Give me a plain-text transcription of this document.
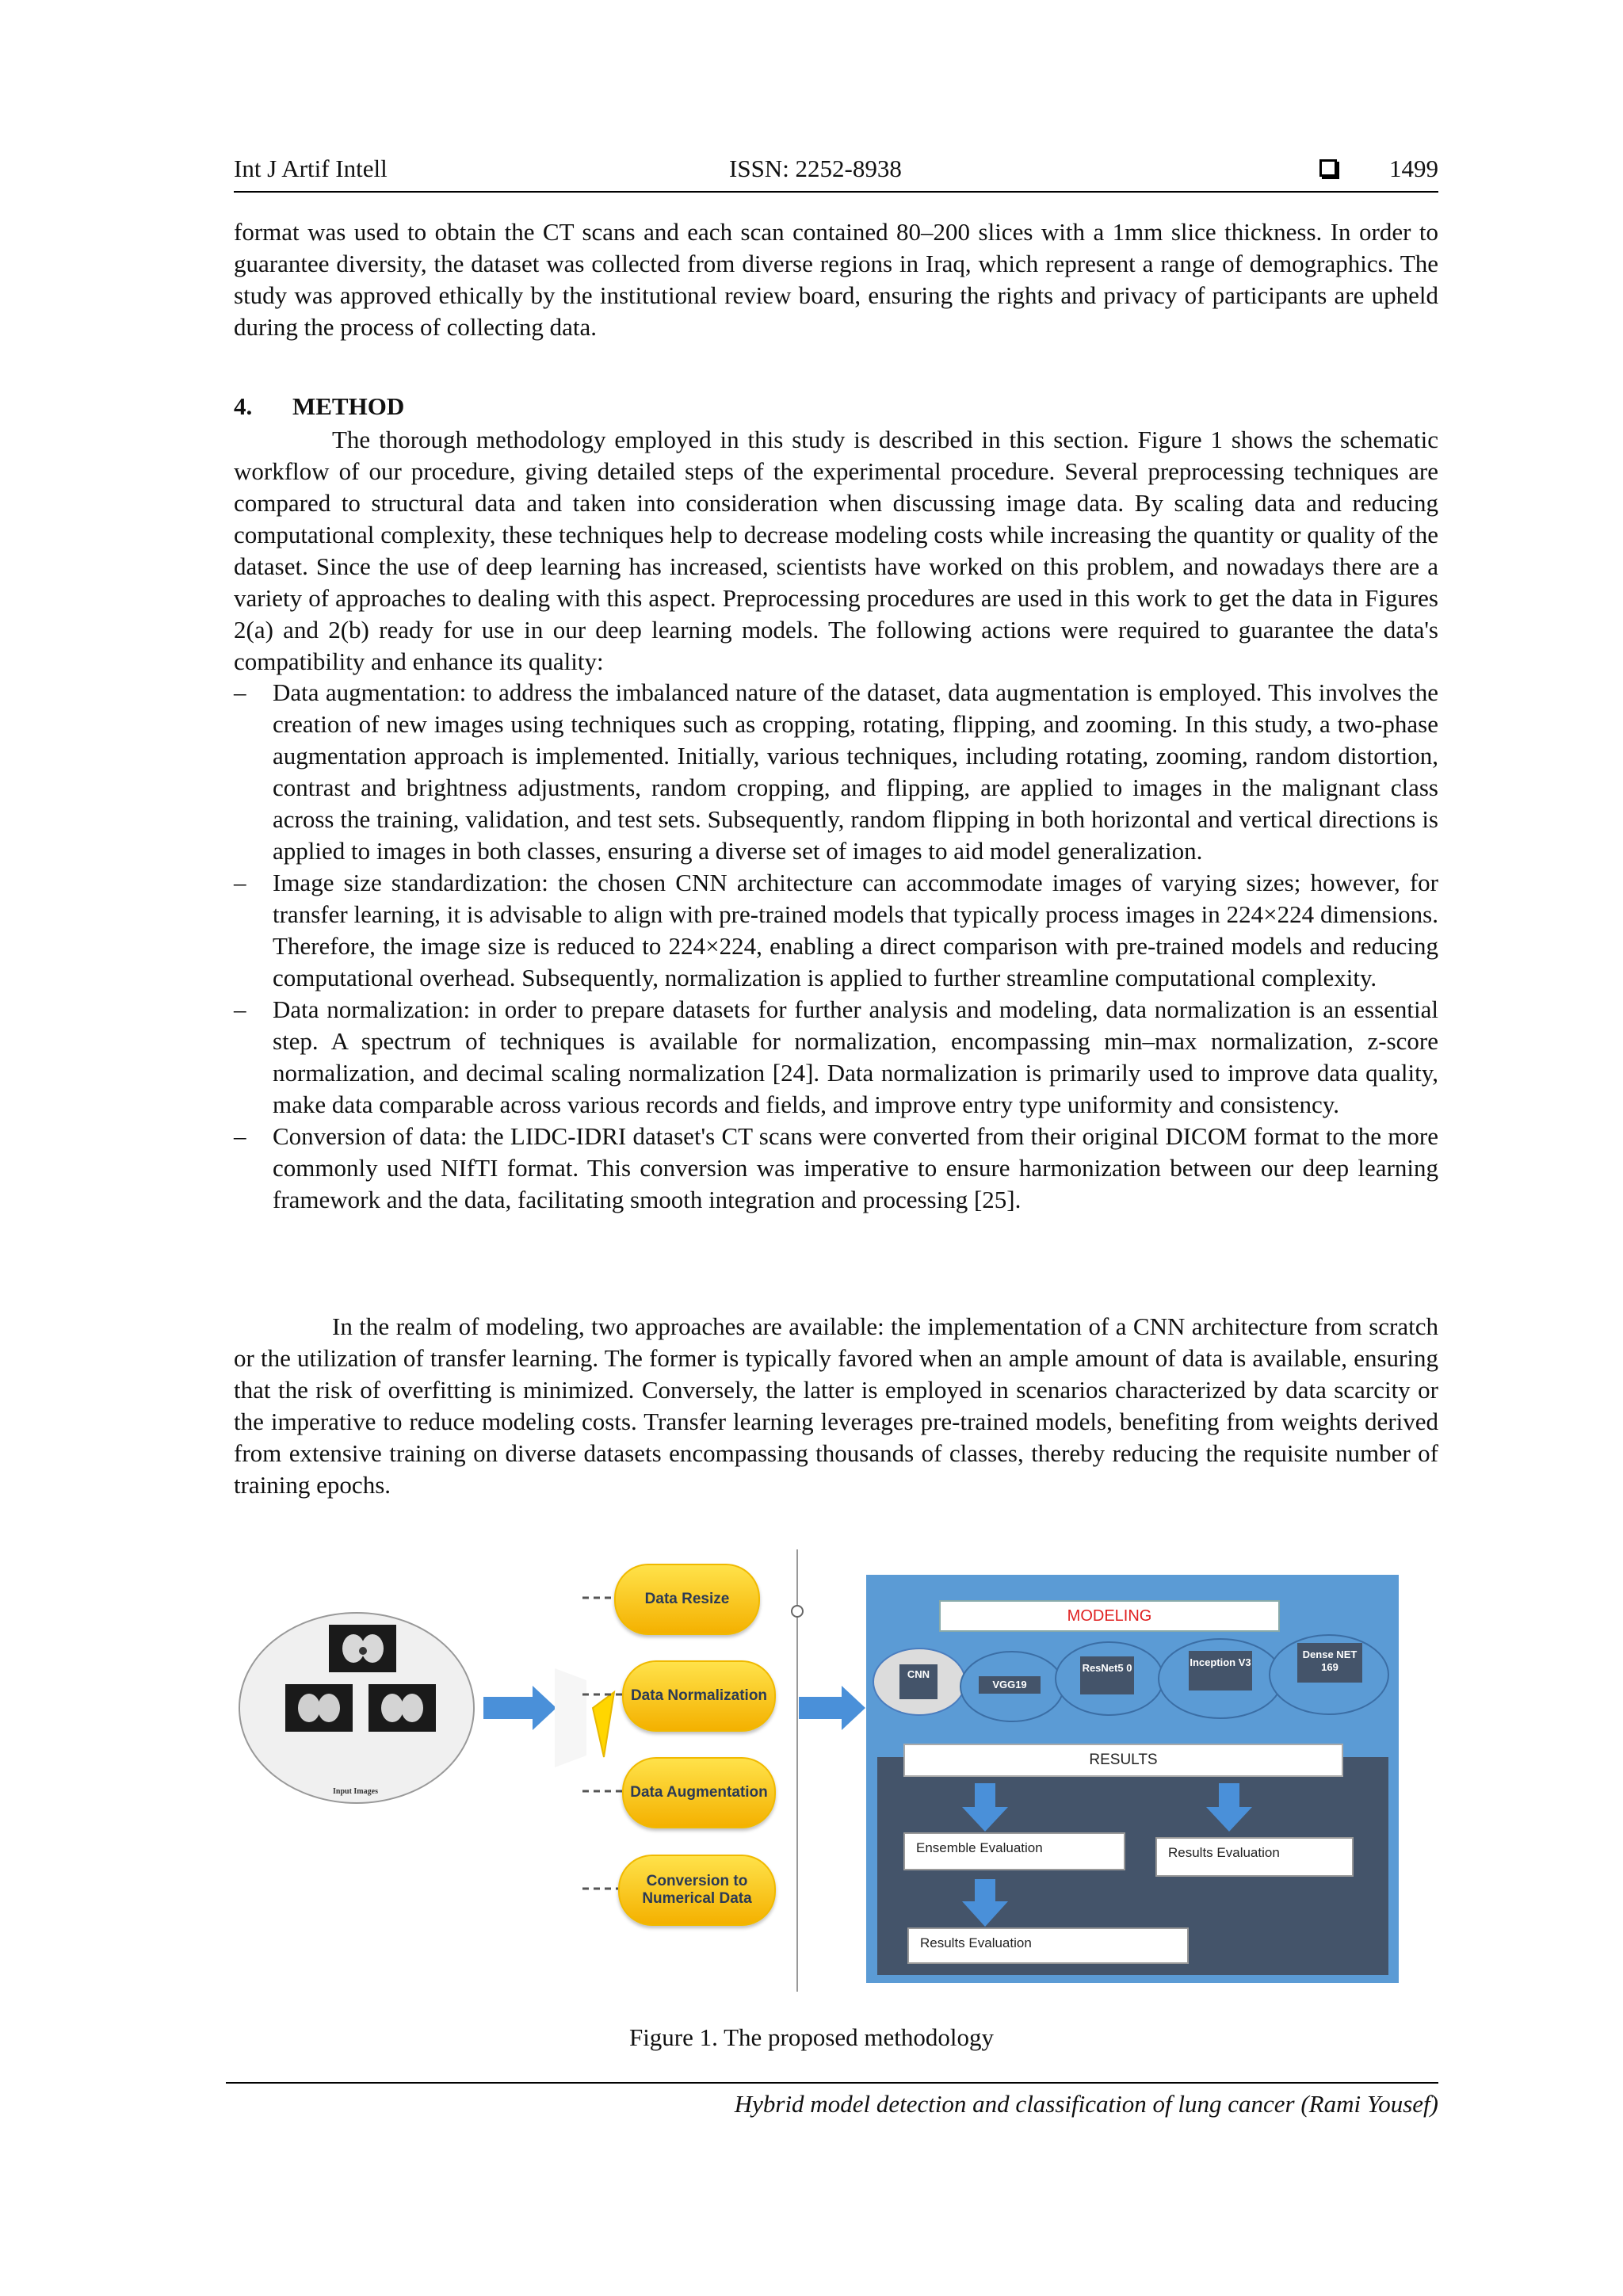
Int J Artif Intell	ISSN: 2252-8938	1499
format was used to obtain the CT scans and each scan contained 80–200 slices with a 1mm slice thickness. In order to guarantee diversity, the dataset was collected from diverse regions in Iraq, which represent a range of demographics. The study was approved ethically by the institutional review board, ensuring the rights and privacy of participants are upheld during the process of collecting data.
4. METHOD
The thorough methodology employed in this study is described in this section. Figure 1 shows the schematic workflow of our procedure, giving detailed steps of the experimental procedure. Several preprocessing techniques are compared to structural data and taken into consideration when discussing image data. By scaling data and reducing computational complexity, these techniques help to decrease modeling costs while increasing the quantity or quality of the dataset. Since the use of deep learning has increased, scientists have worked on this problem, and nowadays there are a variety of approaches to dealing with this aspect. Preprocessing procedures are used in this work to get the data in Figures 2(a) and 2(b) ready for use in our deep learning models. The following actions were required to guarantee the data's compatibility and enhance its quality:
– Data augmentation: to address the imbalanced nature of the dataset, data augmentation is employed. This involves the creation of new images using techniques such as cropping, rotating, flipping, and zooming. In this study, a two-phase augmentation approach is implemented. Initially, various techniques, including rotating, zooming, random distortion, contrast and brightness adjustments, random cropping, and flipping, are applied to images in the malignant class across the training, validation, and test sets. Subsequently, random flipping in both horizontal and vertical directions is applied to images in both classes, ensuring a diverse set of images to aid model generalization.
– Image size standardization: the chosen CNN architecture can accommodate images of varying sizes; however, for transfer learning, it is advisable to align with pre-trained models that typically process images in 224×224 dimensions. Therefore, the image size is reduced to 224×224, enabling a direct comparison with pre-trained models and reducing computational overhead. Subsequently, normalization is applied to further streamline computational complexity.
– Data normalization: in order to prepare datasets for further analysis and modeling, data normalization is an essential step. A spectrum of techniques is available for normalization, encompassing min–max normalization, z-score normalization, and decimal scaling normalization [24]. Data normalization is primarily used to improve data quality, make data comparable across various records and fields, and improve entry type uniformity and consistency.
– Conversion of data: the LIDC-IDRI dataset's CT scans were converted from their original DICOM format to the more commonly used NIfTI format. This conversion was imperative to ensure harmonization between our deep learning framework and the data, facilitating smooth integration and processing [25].
In the realm of modeling, two approaches are available: the implementation of a CNN architecture from scratch or the utilization of transfer learning. The former is typically favored when an ample amount of data is available, ensuring that the risk of overfitting is minimized. Conversely, the latter is employed in scenarios characterized by data scarcity or the imperative to reduce modeling costs. Transfer learning leverages pre-trained models, benefiting from weights derived from extensive training on diverse datasets encompassing thousands of classes, thereby reducing the requisite number of training epochs.
Input Images
Data Resize
Data Normalization
Data Augmentation
Conversion to Numerical Data
MODELING
CNN
VGG19
ResNet5 0	Inception V3
Dense NET 169
RESULTS
Ensemble Evaluation	Results Evaluation
Results Evaluation
Figure 1. The proposed methodology
Hybrid model detection and classification of lung cancer (Rami Yousef)
